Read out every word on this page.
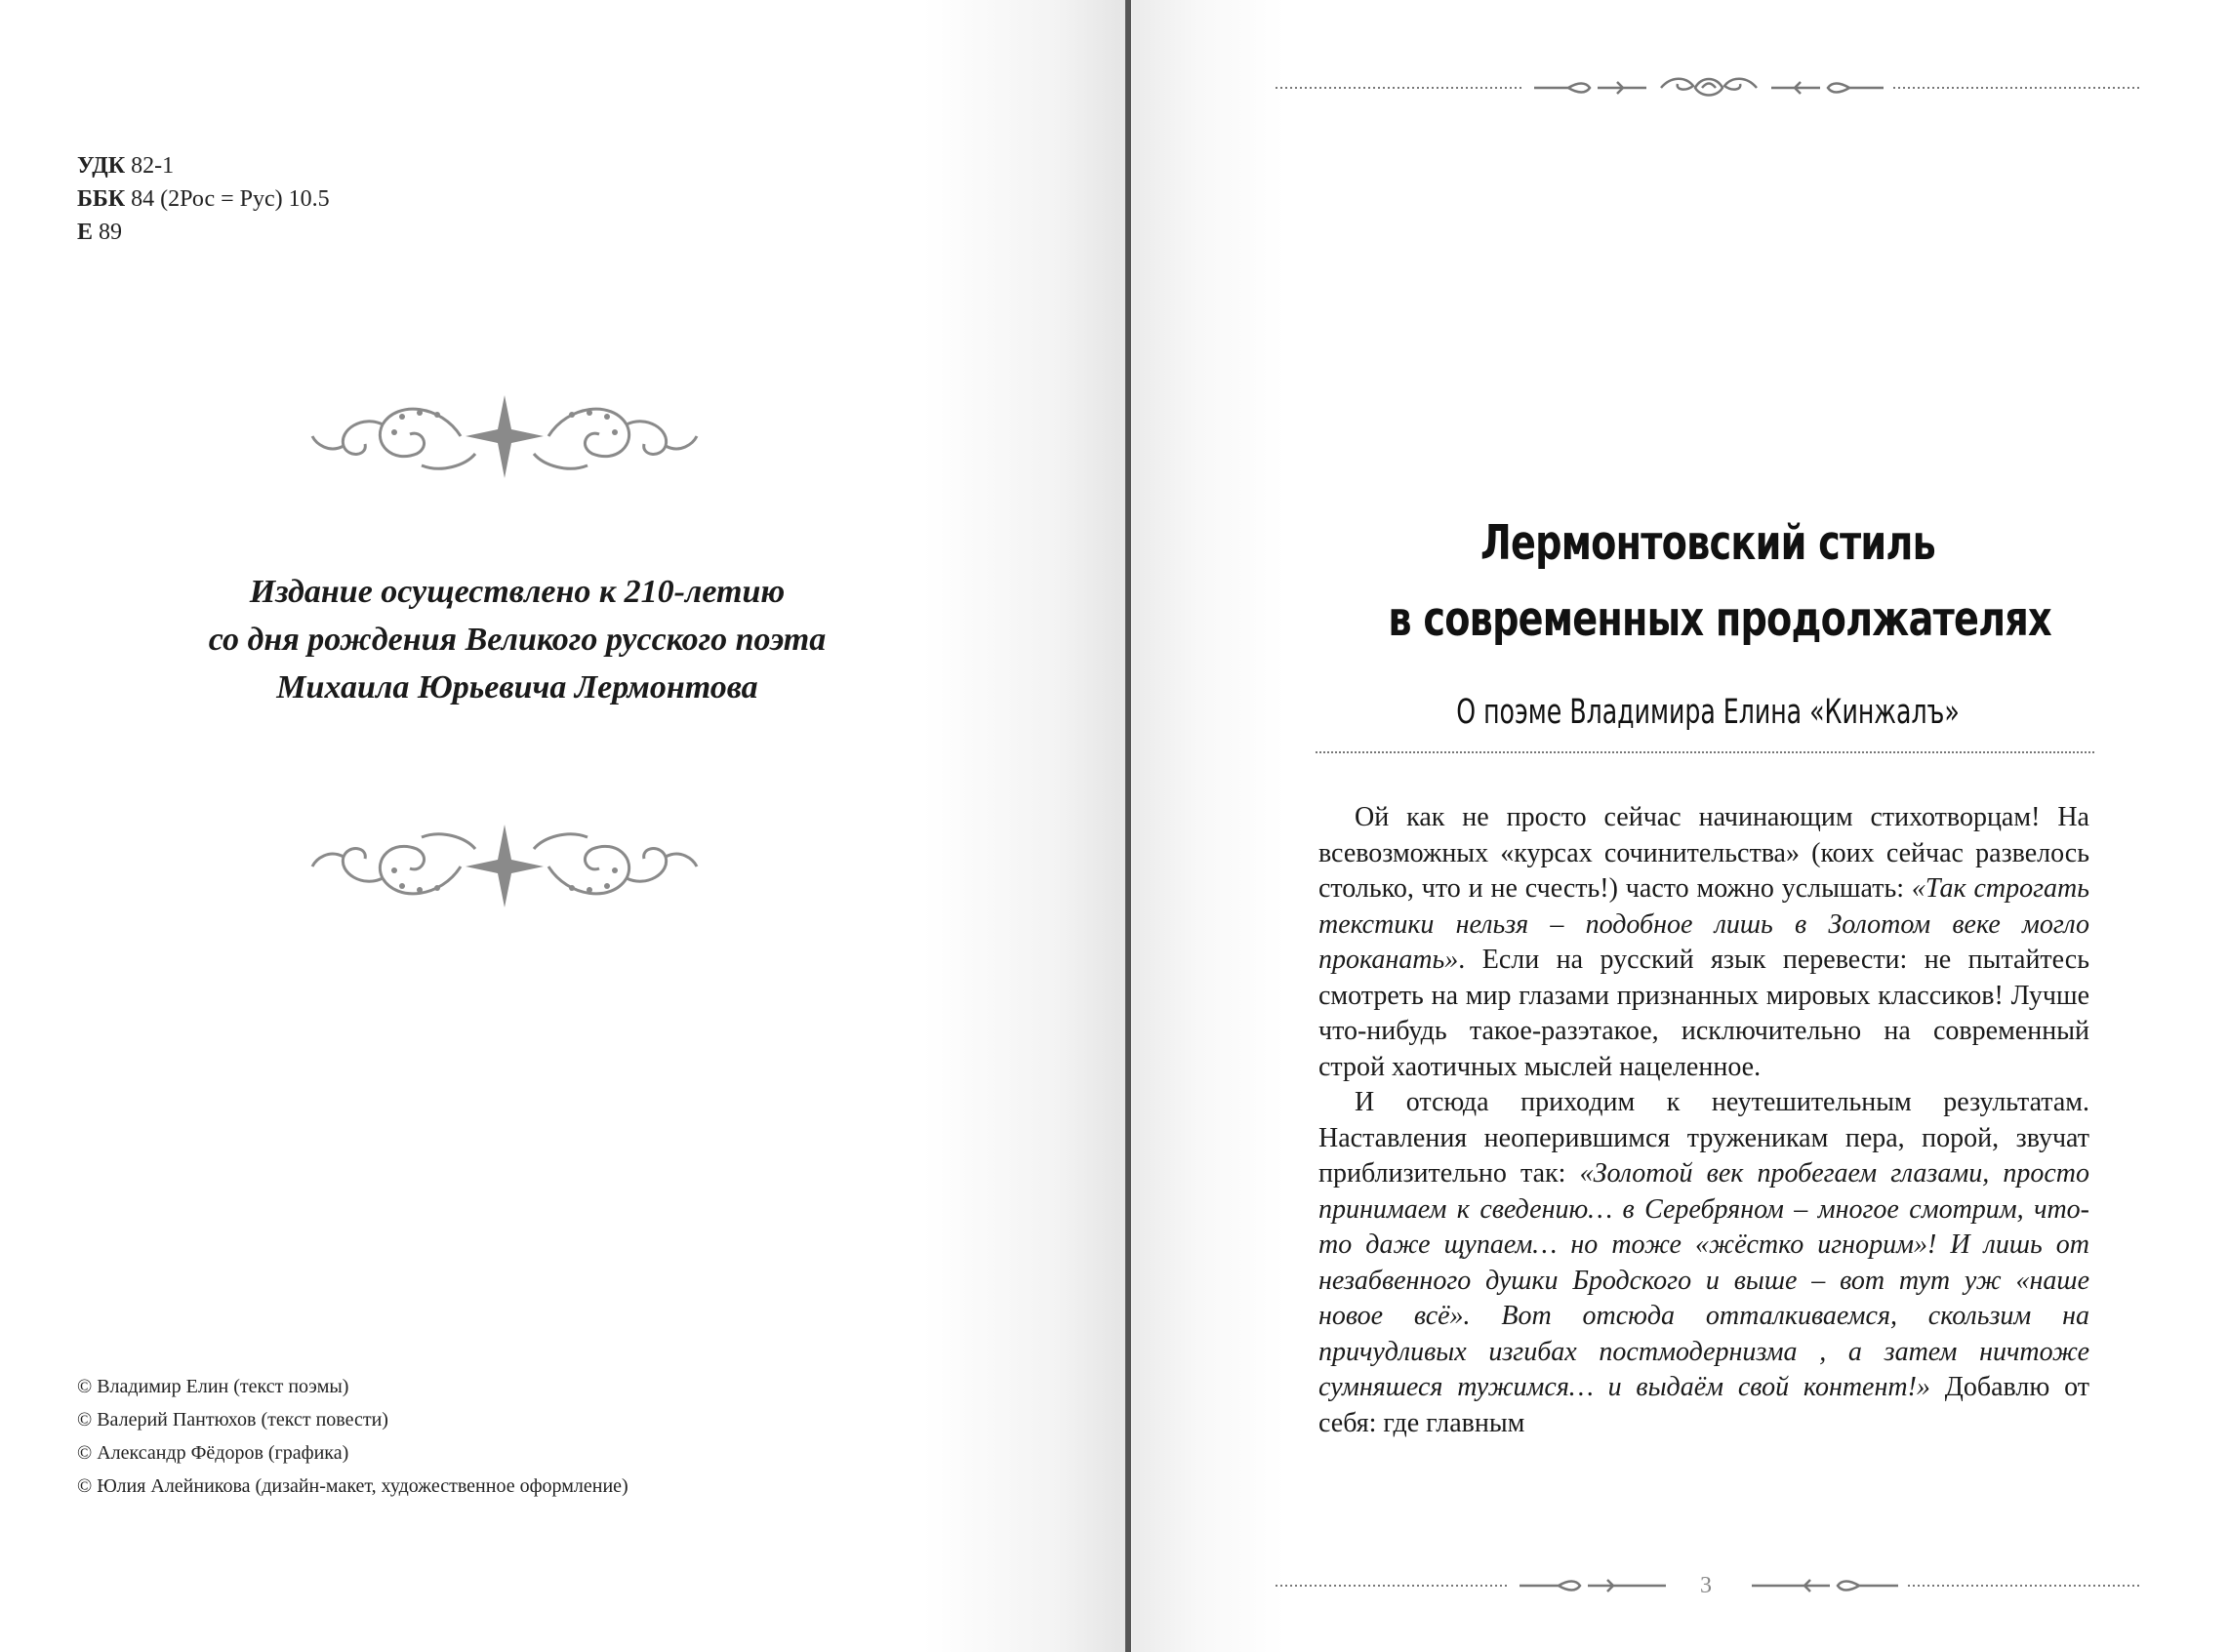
УДК 82-1
ББК 84 (2Рос = Рус) 10.5
Е 89
Издание осуществлено к 210-летию
со дня рождения Великого русского поэта
Михаила Юрьевича Лермонтова
© Владимир Елин (текст поэмы)
© Валерий Пантюхов (текст повести)
© Александр Фёдоров (графика)
© Юлия Алейникова (дизайн-макет, художественное оформление)
Лермонтовский стиль
в современных продолжателях
О поэме Владимира Елина «Кинжалъ»

Ой как не просто сейчас начинающим стихотворцам! На всевозможных «курсах сочинительства» (коих сейчас развелось столько, что и не счесть!) часто можно услышать: «Так строгать текстики нельзя – подобное лишь в Золотом веке могло проканать». Если на русский язык перевести: не пытайтесь смотреть на мир глазами признанных мировых классиков! Лучше что-нибудь такое-разэтакое, исключительно на современный строй хаотичных мыслей нацеленное.

И отсюда приходим к неутешительным результатам. Наставления неоперившимся труженикам пера, порой, звучат приблизительно так: «Золотой век пробегаем глазами, просто принимаем к сведению… в Серебряном – многое смотрим, что-то даже щупаем… но тоже «жёстко игнорим»! И лишь от незабвенного душки Бродского и выше – вот тут уж «наше новое всё». Вот отсюда отталкиваемся, скользим на причудливых изгибах постмодернизма , а затем ничтоже сумняшеся тужимся… и выдаём свой контент!» Добавлю от себя: где главным

3
